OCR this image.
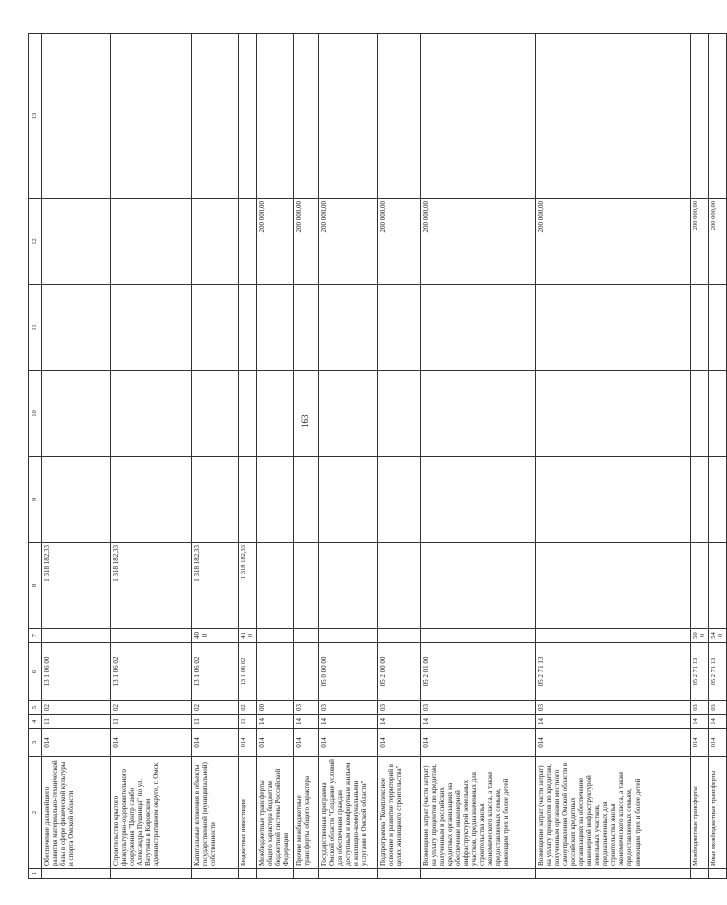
163
1	2	3	4	5	6	7	8	9	10	11	12	13
	Обеспечение дальнейшего развития материально-технической базы в сфере физической культуры и спорта Омской области	014	11	02	13 1 06 00		1 318 182,33					
	Строительство крытого физкультурно-оздоровительного сооружения "Центр самбо Александра Пушница" по ул. Ватутина в Кировском административном округе, г. Омск	014	11	02	13 1 06 02		1 318 182,33					
	Капитальные вложения в объекты государственной (муниципальной) собственности	014	11	02	13 1 06 02	400	1 318 182,33					
	Бюджетные инвестиции	014	11	02	13 1 06 02	410	1 318 182,33					
	Межбюджетные трансферты общего характера бюджетам бюджетной системы Российской Федерации	014	14	00							200 000,00	
	Прочие межбюджетные трансферты общего характера	014	14	03							200 000,00	
	Государственная программа Омской области "Создание условий для обеспечения граждан доступным и комфортным жильем и жилищно-коммунальными услугами в Омской области"	014	14	03	05 0 00 00						200 000,00	
	Подпрограмма "Комплексное освоение и развитие территорий в целях жилищного строительства"	014	14	03	05 2 00 00						200 000,00	
	Возмещение затрат (части затрат) на уплату процентов по кредитам, полученным в российских кредитных организациях на обеспечение инженерной инфраструктурой земельных участков, предназначенных для строительства жилья экономического класса, а также предоставляемых семьям, имеющим трех и более детей	014	14	03	05 2 01 00						200 000,00	
	Возмещение затрат (части затрат) на уплату процентов по кредитам, полученным органами местного самоуправления Омской области в российских кредитных организациях на обеспечение инженерной инфраструктурой земельных участков, предназначенных для строительства жилья экономического класса, а также предоставляемых семьям, имеющим трех и более детей	014	14	03	05 2 71 13						200 000,00	
	Межбюджетные трансферты	014	14	03	05 2 71 13	500					200 000,00	
	Иные межбюджетные трансферты	014	14	03	05 2 71 13	540					200 000,00	
